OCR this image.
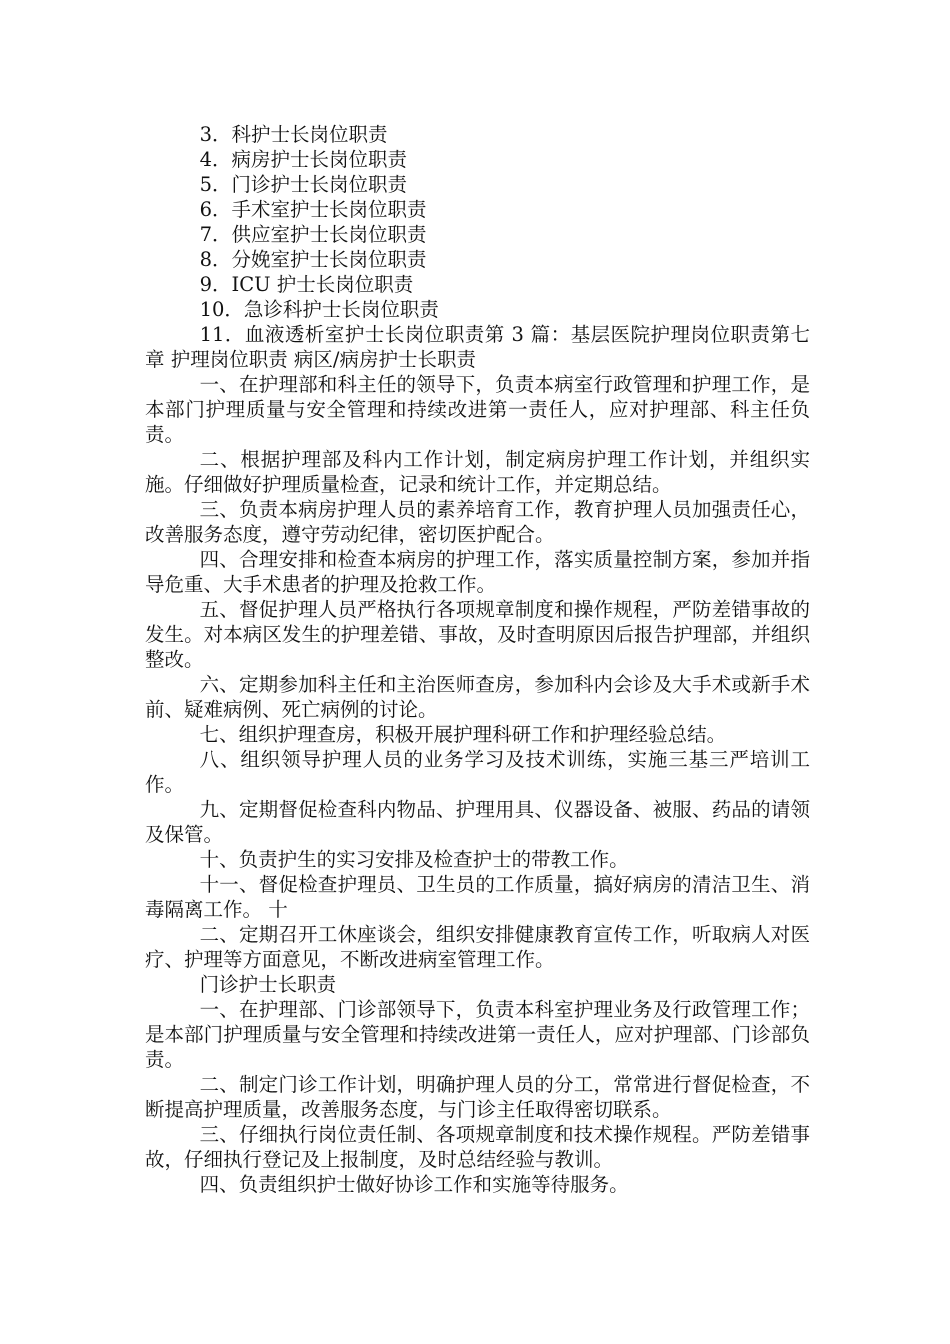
3．科护士长岗位职责

4．病房护士长岗位职责

5．门诊护士长岗位职责

6．手术室护士长岗位职责

7．供应室护士长岗位职责

8．分娩室护士长岗位职责

9．ICU 护士长岗位职责

10．急诊科护士长岗位职责

11．血液透析室护士长岗位职责第 3 篇：基层医院护理岗位职责第七章 护理岗位职责 病区/病房护士长职责

一、在护理部和科主任的领导下，负责本病室行政管理和护理工作，是本部门护理质量与安全管理和持续改进第一责任人，应对护理部、科主任负责。

二、根据护理部及科内工作计划，制定病房护理工作计划，并组织实施。仔细做好护理质量检查，记录和统计工作，并定期总结。

三、负责本病房护理人员的素养培育工作，教育护理人员加强责任心，改善服务态度，遵守劳动纪律，密切医护配合。

四、合理安排和检查本病房的护理工作，落实质量控制方案，参加并指导危重、大手术患者的护理及抢救工作。

五、督促护理人员严格执行各项规章制度和操作规程，严防差错事故的发生。对本病区发生的护理差错、事故，及时查明原因后报告护理部，并组织整改。

六、定期参加科主任和主治医师查房，参加科内会诊及大手术或新手术前、疑难病例、死亡病例的讨论。

七、组织护理查房，积极开展护理科研工作和护理经验总结。

八、组织领导护理人员的业务学习及技术训练，实施三基三严培训工作。

九、定期督促检查科内物品、护理用具、仪器设备、被服、药品的请领及保管。

十、负责护生的实习安排及检查护士的带教工作。

十一、督促检查护理员、卫生员的工作质量，搞好病房的清洁卫生、消毒隔离工作。 十

二、定期召开工休座谈会，组织安排健康教育宣传工作，听取病人对医疗、护理等方面意见，不断改进病室管理工作。

门诊护士长职责

一、在护理部、门诊部领导下，负责本科室护理业务及行政管理工作；是本部门护理质量与安全管理和持续改进第一责任人，应对护理部、门诊部负责。

二、制定门诊工作计划，明确护理人员的分工，常常进行督促检查，不断提高护理质量，改善服务态度，与门诊主任取得密切联系。

三、仔细执行岗位责任制、各项规章制度和技术操作规程。严防差错事故，仔细执行登记及上报制度，及时总结经验与教训。

四、负责组织护士做好协诊工作和实施等待服务。
